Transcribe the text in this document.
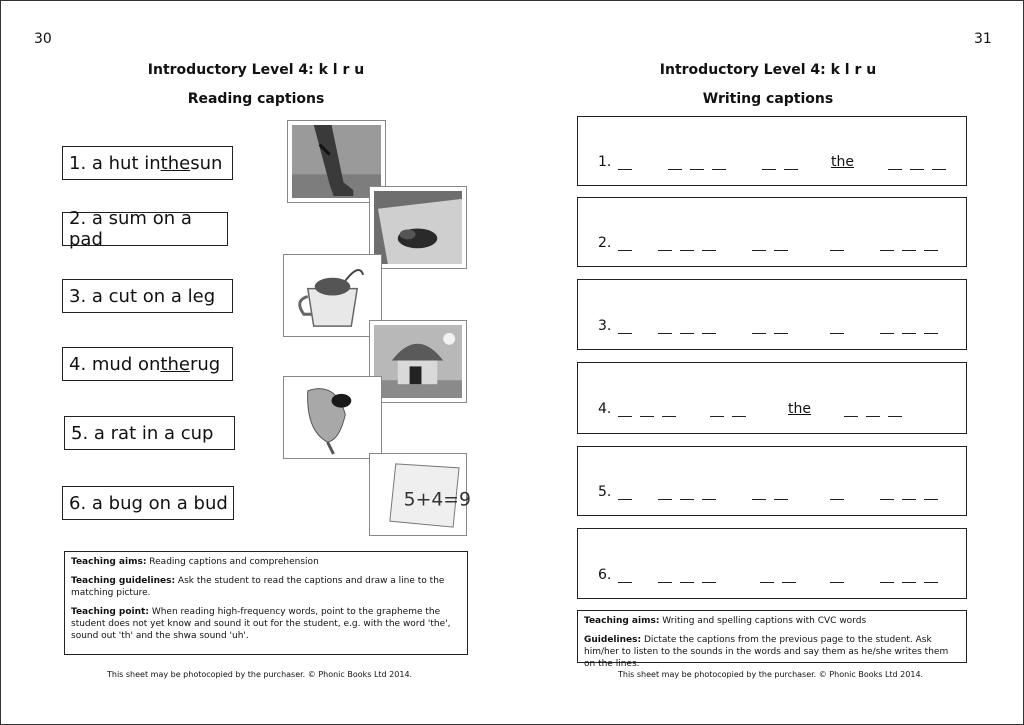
30
Introductory Level 4: k l r u
Reading captions
1. a hut in the sun
2. a sum on a pad
3. a cut on a leg
4. mud on the rug
5. a rat in a cup
6. a bug on a bud	5+4=9

Teaching aims: Reading captions and comprehension

Teaching guidelines: Ask the student to read the captions and draw a line to the matching picture.

Teaching point: When reading high-frequency words, point to the grapheme the student does not yet know and sound it out for the student, e.g. with the word 'the', sound out 'th' and the shwa sound 'uh'.

This sheet may be photocopied by the purchaser. © Phonic Books Ltd 2014.
31
Introductory Level 4: k l r u
Writing captions
1.	the
2.
3.
4.	the
5.
6.

Teaching aims: Writing and spelling captions with CVC words

Guidelines: Dictate the captions from the previous page to the student. Ask him/her to listen to the sounds in the words and say them as he/she writes them on the lines.

This sheet may be photocopied by the purchaser. © Phonic Books Ltd 2014.
